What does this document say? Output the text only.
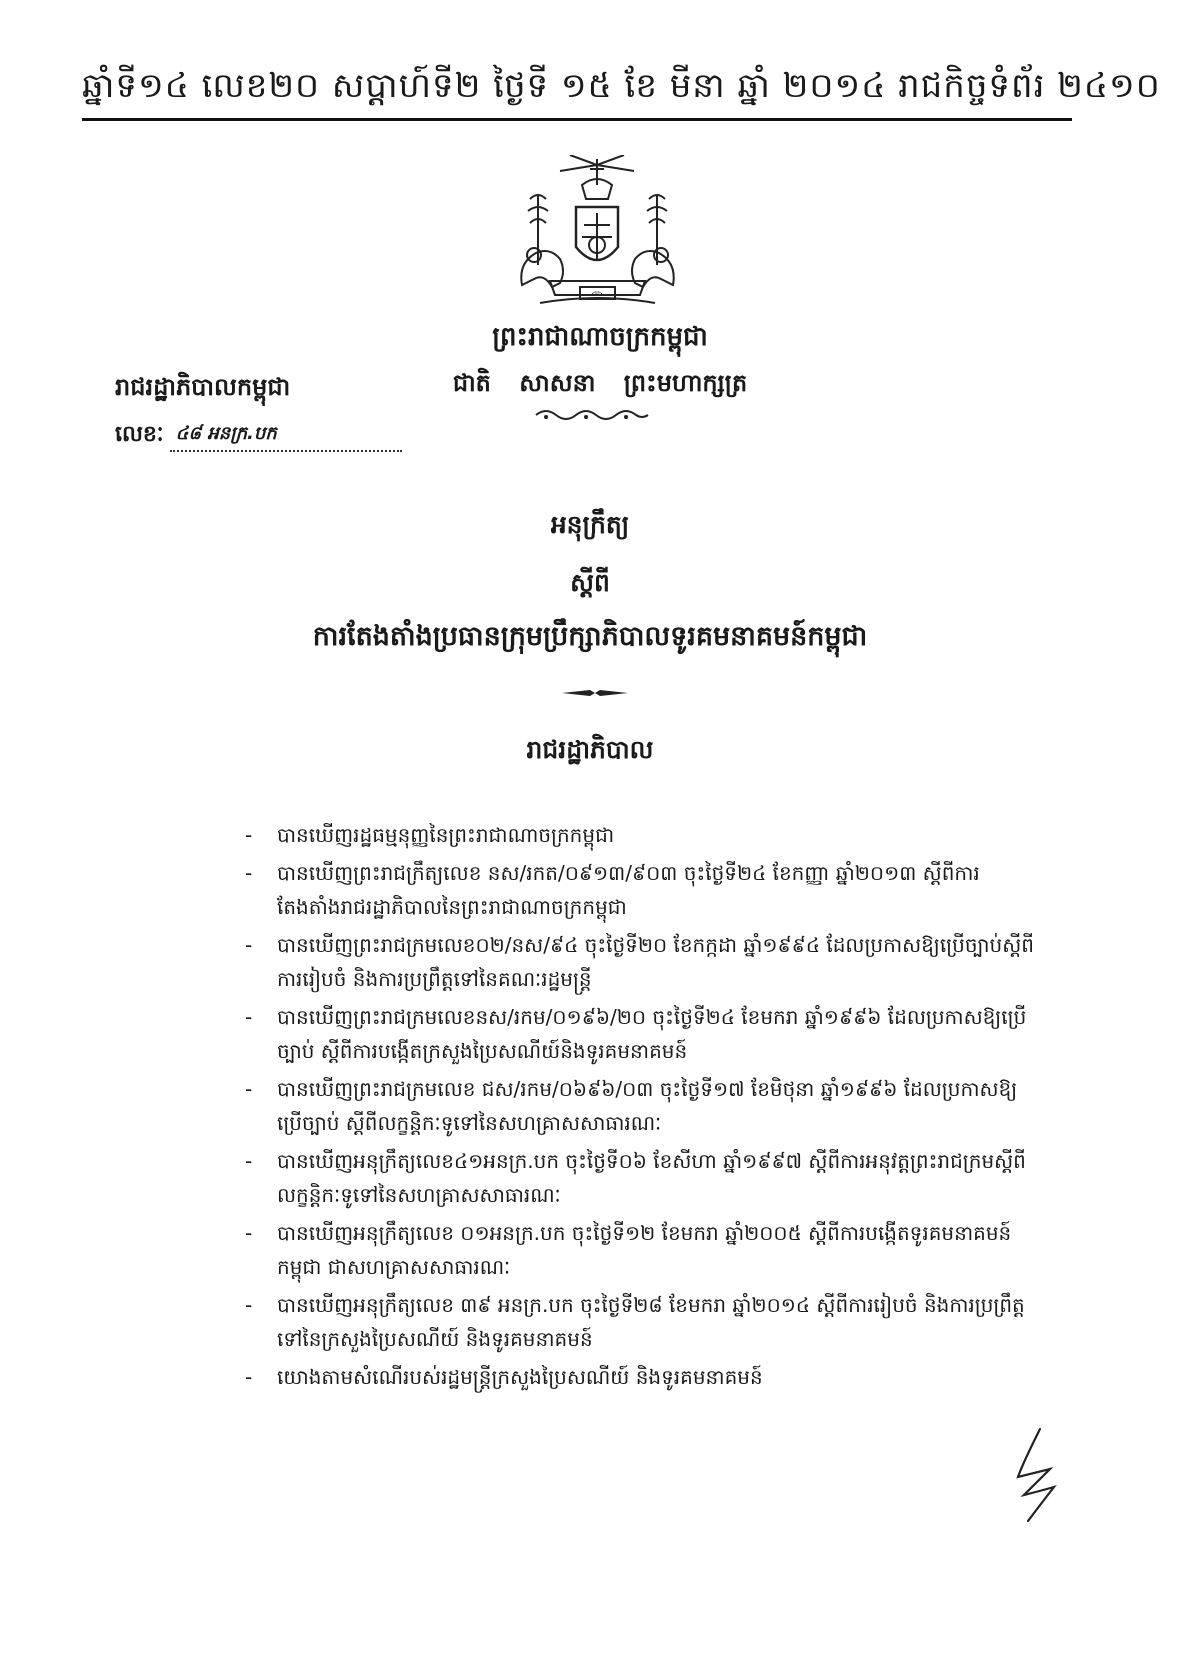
ឆ្នាំទី១៤ លេខ២០ សប្តាហ៍ទី២ ថ្ងៃទី ១៥ ខែ មីនា ឆ្នាំ ២០១៤ រាជកិច្ច ទំព័រ ២៤១០
ᐊᐅ
ព្រះរាជាណាចក្រកម្ពុជា
ជាតិ សាសនា ព្រះមហាក្សត្រ
រាជរដ្ឋាភិបាលកម្ពុជា
លេខៈ ៤៨ អនក្រ.បក
អនុក្រឹត្យ
ស្តីពី
ការតែងតាំងប្រធានក្រុមប្រឹក្សាភិបាលទូរគមនាគមន៍កម្ពុជា
រាជរដ្ឋាភិបាល
- បានឃើញរដ្ឋធម្មនុញ្ញនៃព្រះរាជាណាចក្រកម្ពុជា
- បានឃើញព្រះរាជក្រឹត្យលេខ នស/រកត/០៩១៣/៩០៣ ចុះថ្ងៃទី២៤ ខែកញ្ញា ឆ្នាំ២០១៣ ស្តីពីការតែងតាំងរាជរដ្ឋាភិបាលនៃព្រះរាជាណាចក្រកម្ពុជា
- បានឃើញព្រះរាជក្រមលេខ០២/នស/៩៤ ចុះថ្ងៃទី២០ ខែកក្កដា ឆ្នាំ១៩៩៤ ដែលប្រកាសឱ្យប្រើច្បាប់ស្តីពីការរៀបចំ និងការប្រព្រឹត្តទៅនៃគណៈរដ្ឋមន្ត្រី
- បានឃើញព្រះរាជក្រមលេខនស/រកម/០១៩៦/២០ ចុះថ្ងៃទី២៤ ខែមករា ឆ្នាំ១៩៩៦ ដែលប្រកាសឱ្យប្រើច្បាប់ ស្តីពីការបង្កើតក្រសួងប្រៃសណីយ៍និងទូរគមនាគមន៍
- បានឃើញព្រះរាជក្រមលេខ ជស/រកម/០៦៩៦/០៣ ចុះថ្ងៃទី១៧ ខែមិថុនា ឆ្នាំ១៩៩៦ ដែលប្រកាសឱ្យប្រើច្បាប់ ស្តីពីលក្ខន្តិកៈទូទៅនៃសហគ្រាសសាធារណៈ
- បានឃើញអនុក្រឹត្យលេខ៤១អនក្រ.បក ចុះថ្ងៃទី០៦ ខែសីហា ឆ្នាំ១៩៩៧ ស្តីពីការអនុវត្តព្រះរាជក្រមស្តីពីលក្ខន្តិកៈទូទៅនៃសហគ្រាសសាធារណៈ
- បានឃើញអនុក្រឹត្យលេខ ០១អនក្រ.បក ចុះថ្ងៃទី១២ ខែមករា ឆ្នាំ២០០៥ ស្តីពីការបង្កើតទូរគមនាគមន៍កម្ពុជា ជាសហគ្រាសសាធារណៈ
- បានឃើញអនុក្រឹត្យលេខ ៣៩ អនក្រ.បក ចុះថ្ងៃទី២៨ ខែមករា ឆ្នាំ២០១៤ ស្តីពីការរៀបចំ និងការប្រព្រឹត្តទៅនៃក្រសួងប្រៃសណីយ៍ និងទូរគមនាគមន៍
- យោងតាមសំណើរបស់រដ្ឋមន្ត្រីក្រសួងប្រៃសណីយ៍ និងទូរគមនាគមន៍
